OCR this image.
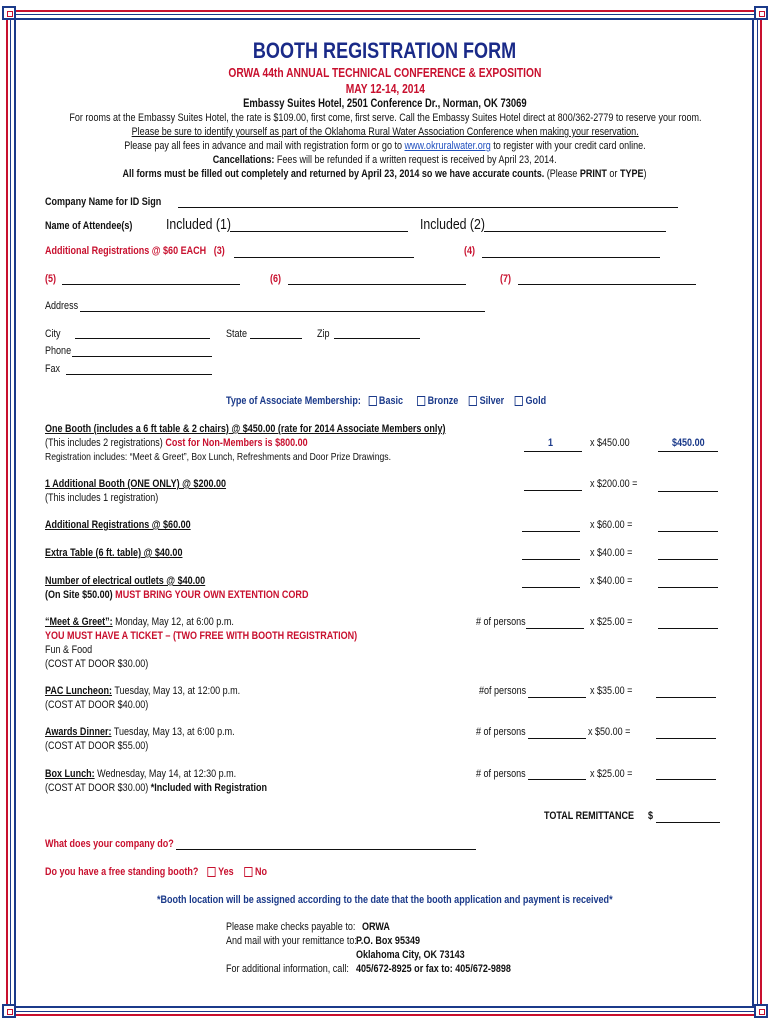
BOOTH REGISTRATION FORM
ORWA 44th ANNUAL TECHNICAL CONFERENCE & EXPOSITION
MAY 12-14, 2014
Embassy Suites Hotel, 2501 Conference Dr., Norman, OK 73069
For rooms at the Embassy Suites Hotel, the rate is $109.00, first come, first serve. Call the Embassy Suites Hotel direct at 800/362-2779 to reserve your room.
Please be sure to identify yourself as part of the Oklahoma Rural Water Association Conference when making your reservation.
Please pay all fees in advance and mail with registration form or go to www.okruralwater.org to register with your credit card online.
Cancellations: Fees will be refunded if a written request is received by April 23, 2014.
All forms must be filled out completely and returned by April 23, 2014 so we have accurate counts. (Please PRINT or TYPE)
Company Name for ID Sign
Name of Attendee(s)	Included (1)	Included (2)
Additional Registrations @ $60 EACH (3)	(4)
(5)	(6)	(7)
Address
City	State	Zip
Phone
Fax
Type of Associate Membership: Basic Bronze Silver Gold
One Booth (includes a 6 ft table & 2 chairs) @ $450.00 (rate for 2014 Associate Members only)
(This includes 2 registrations) Cost for Non-Members is $800.00
Registration includes: “Meet & Greet”, Box Lunch, Refreshments and Door Prize Drawings.
1	x $450.00	$450.00
1 Additional Booth (ONE ONLY) @ $200.00
(This includes 1 registration)
x $200.00 =
Additional Registrations @ $60.00	x $60.00 =
Extra Table (6 ft. table) @ $40.00	x $40.00 =
Number of electrical outlets @ $40.00
(On Site $50.00) MUST BRING YOUR OWN EXTENTION CORD
x $40.00 =
“Meet & Greet”: Monday, May 12, at 6:00 p.m.
YOU MUST HAVE A TICKET – (TWO FREE WITH BOOTH REGISTRATION)
Fun & Food
(COST AT DOOR $30.00)
# of persons	x $25.00 =
PAC Luncheon: Tuesday, May 13, at 12:00 p.m.
(COST AT DOOR $40.00)
#of persons	x $35.00 =
Awards Dinner: Tuesday, May 13, at 6:00 p.m.
(COST AT DOOR $55.00)
# of persons	x $50.00 =
Box Lunch: Wednesday, May 14, at 12:30 p.m.
(COST AT DOOR $30.00) *Included with Registration
# of persons	x $25.00 =
TOTAL REMITTANCE	$
What does your company do?
Do you have a free standing booth? Yes No
*Booth location will be assigned according to the date that the booth application and payment is received*
Please make checks payable to: ORWA
And mail with your remittance to: P.O. Box 95349
Oklahoma City, OK 73143
For additional information, call: 405/672-8925 or fax to: 405/672-9898
